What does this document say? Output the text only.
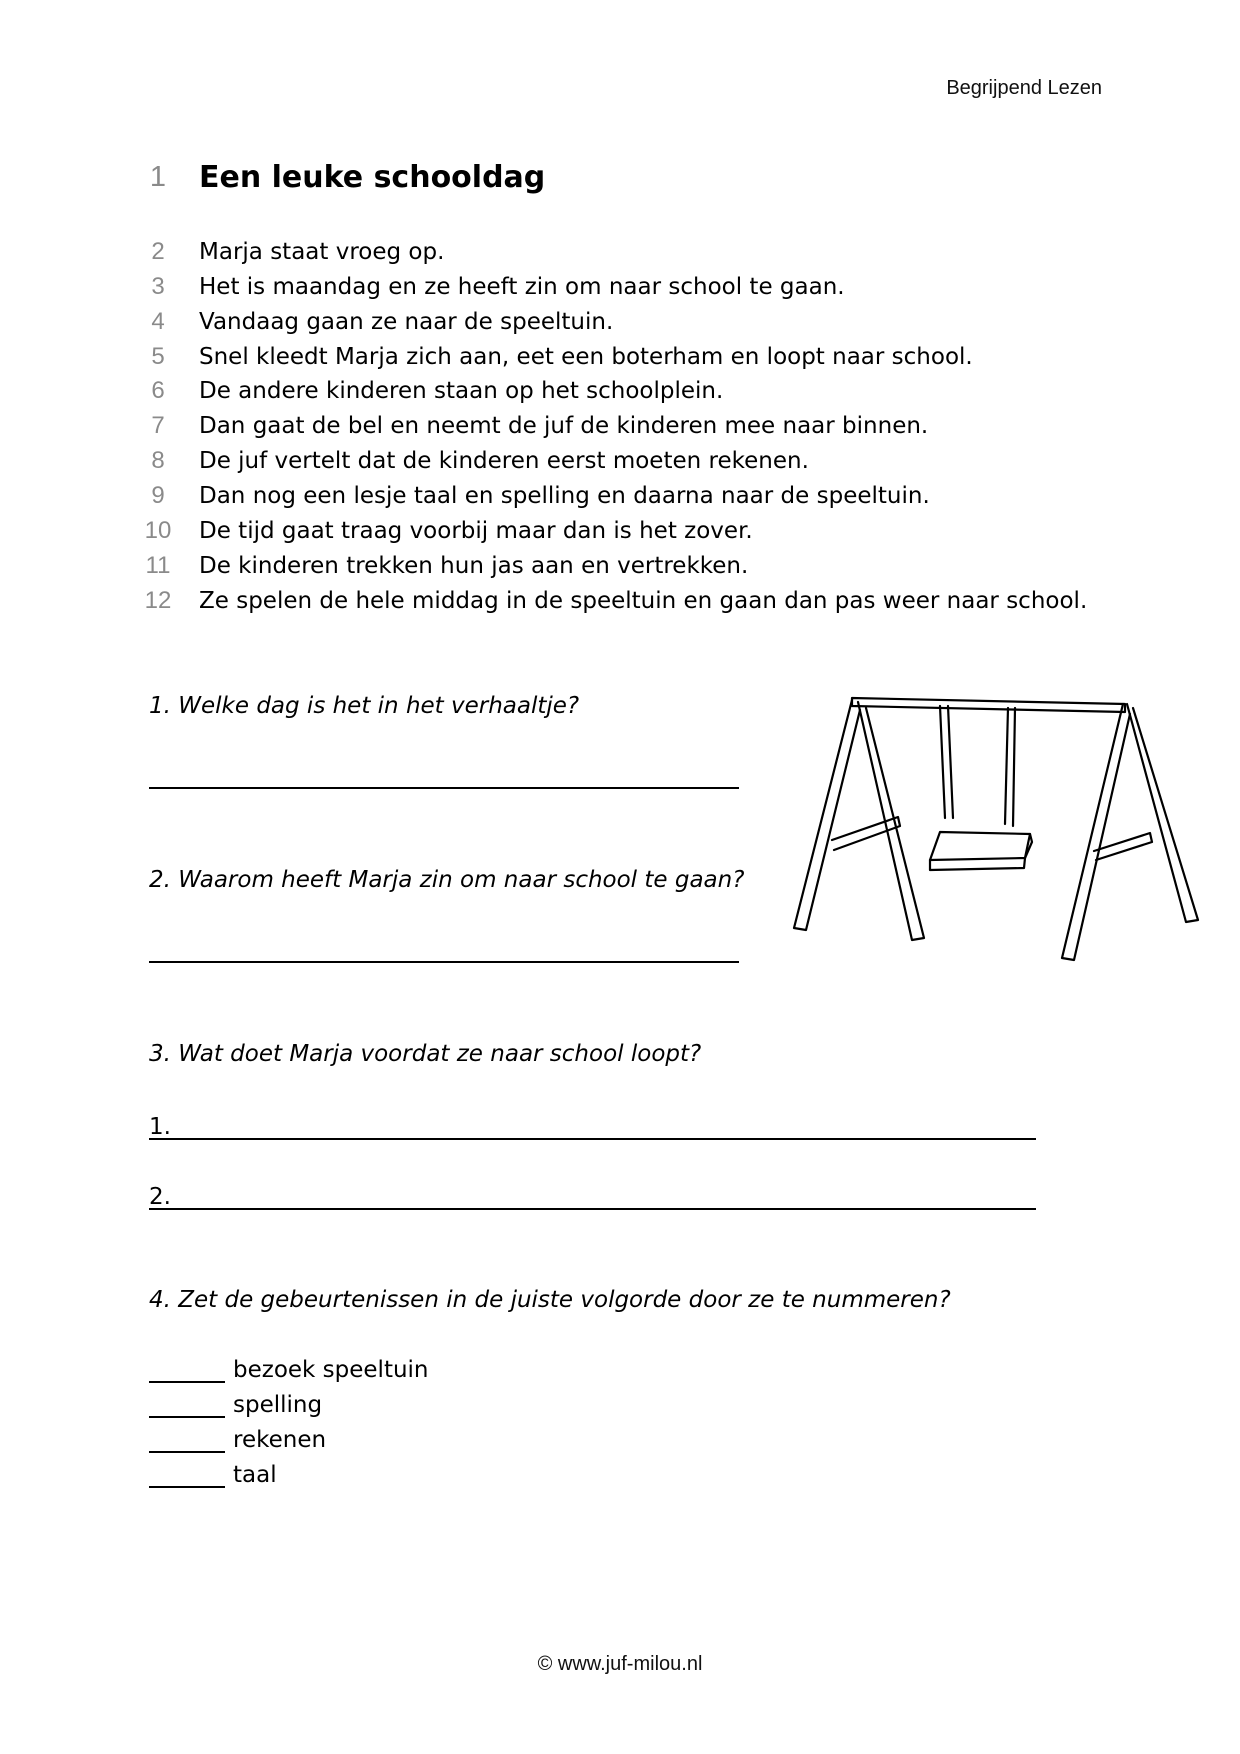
Begrijpend Lezen
1	Een leuke schooldag
2	Marja staat vroeg op.
3	Het is maandag en ze heeft zin om naar school te gaan.
4	Vandaag gaan ze naar de speeltuin.
5	Snel kleedt Marja zich aan, eet een boterham en loopt naar school.
6	De andere kinderen staan op het schoolplein.
7	Dan gaat de bel en neemt de juf de kinderen mee naar binnen.
8	De juf vertelt dat de kinderen eerst moeten rekenen.
9	Dan nog een lesje taal en spelling en daarna naar de speeltuin.
10 De tijd gaat traag voorbij maar dan is het zover.
11 De kinderen trekken hun jas aan en vertrekken.
12 Ze spelen de hele middag in de speeltuin en gaan dan pas weer naar school.
1. Welke dag is het in het verhaaltje?
2. Waarom heeft Marja zin om naar school te gaan?
3. Wat doet Marja voordat ze naar school loopt?
1.
2.
4. Zet de gebeurtenissen in de juiste volgorde door ze te nummeren?
bezoek speeltuin
spelling
rekenen
taal
© www.juf-milou.nl
